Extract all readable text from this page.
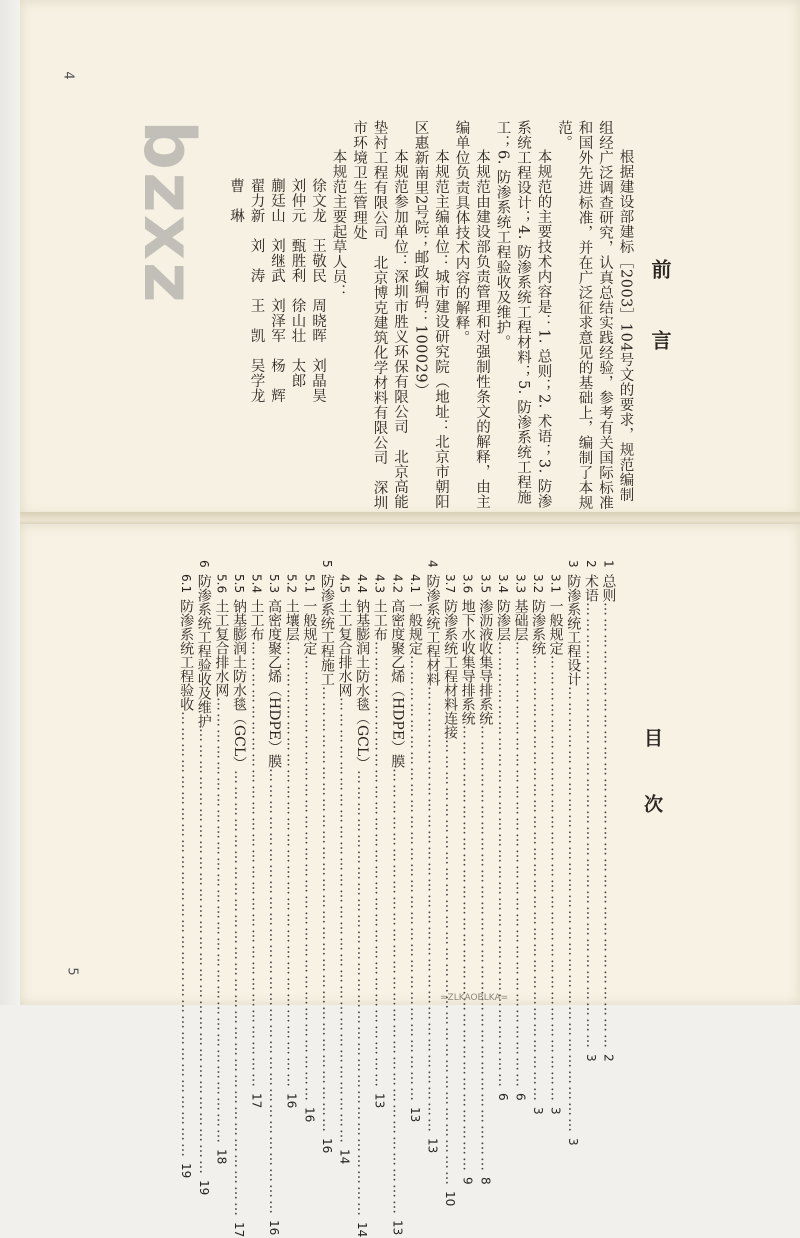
4
bzxz
前 言

根据建设部建标［2003］104号文的要求，规范编制组经广泛调查研究，认真总结实践经验，参考有关国际标准和国外先进标准，并在广泛征求意见的基础上，编制了本规范。

本规范的主要技术内容是：1. 总则；2. 术语；3. 防渗系统工程设计；4. 防渗系统工程材料；5. 防渗系统工程施工；6. 防渗系统工程验收及维护。

本规范由建设部负责管理和对强制性条文的解释，由主编单位负责具体技术内容的解释。

本规范主编单位：城市建设研究院（地址：北京市朝阳区惠新南里2号院；邮政编码：100029）

本规范参加单位：深圳市胜义环保有限公司　北京高能垫衬工程有限公司　北京博克建筑化学材料有限公司　深圳市环境卫生管理处

本规范主要起草人员：

徐文龙　王敬民　周晓晖　刘晶昊

刘仲元　甄胜利　徐山壮　太郎

蒯廷山　刘继武　刘泽军　杨　辉

翟力新　刘　涛　王　凯　吴学龙

曹　琳

目 次
1
总则
…………………………………………………………………………
2
2
术语
…………………………………………………………………………
3
3
防渗系统工程设计
…………………………………………………………………………
3
3.1
一般规定
…………………………………………………………………………
3
3.2
防渗系统
…………………………………………………………………………
3
3.3
基础层
…………………………………………………………………………
6
3.4
防渗层
…………………………………………………………………………
6
3.5
渗沥液收集导排系统
…………………………………………………………………………
8
3.6
地下水收集导排系统
…………………………………………………………………………
9
3.7
防渗系统工程材料连接
…………………………………………………………………………
10
4
防渗系统工程材料
…………………………………………………………………………
13
4.1
一般规定
…………………………………………………………………………
13
4.2
高密度聚乙烯（HDPE）膜
…………………………………………………………………………
13
4.3
土工布
…………………………………………………………………………
13
4.4
钠基膨润土防水毯（GCL）
…………………………………………………………………………
14
4.5
土工复合排水网
…………………………………………………………………………
14
5
防渗系统工程施工
…………………………………………………………………………
16
5.1
一般规定
…………………………………………………………………………
16
5.2
土壤层
…………………………………………………………………………
16
5.3
高密度聚乙烯（HDPE）膜
…………………………………………………………………………
16
5.4
土工布
…………………………………………………………………………
17
5.5
钠基膨润土防水毯（GCL）
…………………………………………………………………………
17
5.6
土工复合排水网
…………………………………………………………………………
18
6
防渗系统工程验收及维护
…………………………………………………………………………
19
6.1
防渗系统工程验收
…………………………………………………………………………
19
5
=ZLKAOBLKA=
